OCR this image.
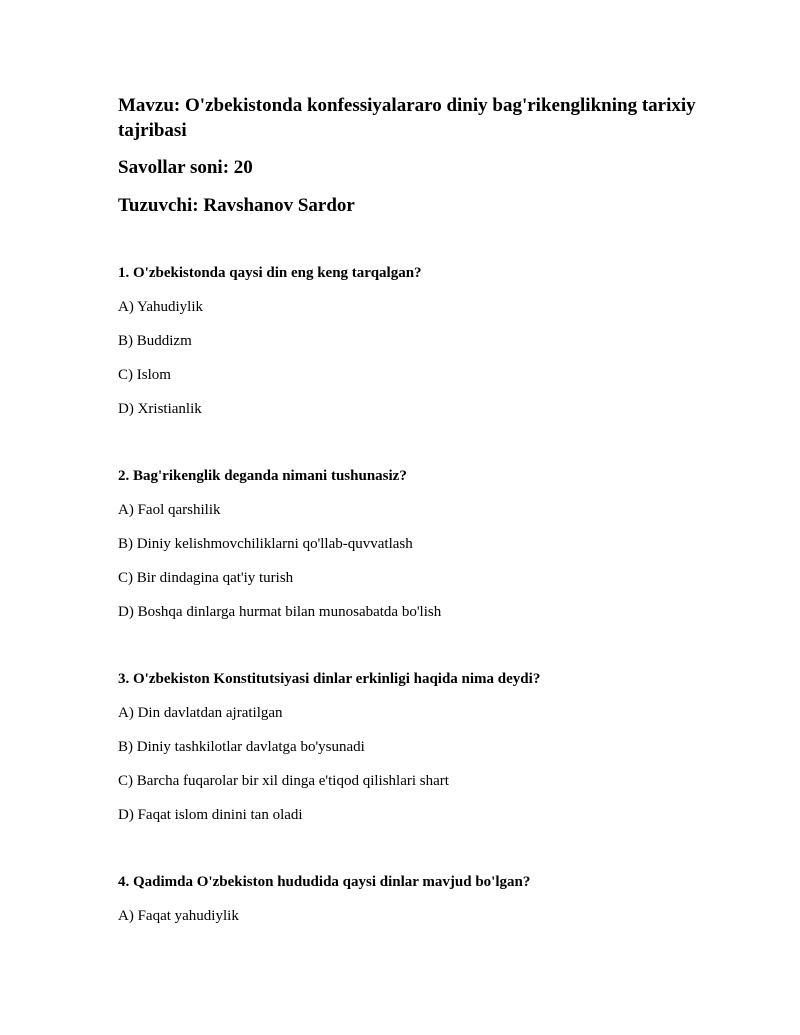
Mavzu: O'zbekistonda konfessiyalararo diniy bag'rikenglikning tarixiy tajribasi

Savollar soni: 20

Tuzuvchi: Ravshanov Sardor

1. O'zbekistonda qaysi din eng keng tarqalgan?

A) Yahudiylik

B) Buddizm

C) Islom

D) Xristianlik

2. Bag'rikenglik deganda nimani tushunasiz?

A) Faol qarshilik

B) Diniy kelishmovchiliklarni qo'llab-quvvatlash

C) Bir dindagina qat'iy turish

D) Boshqa dinlarga hurmat bilan munosabatda bo'lish

3. O'zbekiston Konstitutsiyasi dinlar erkinligi haqida nima deydi?

A) Din davlatdan ajratilgan

B) Diniy tashkilotlar davlatga bo'ysunadi

C) Barcha fuqarolar bir xil dinga e'tiqod qilishlari shart

D) Faqat islom dinini tan oladi

4. Qadimda O'zbekiston hududida qaysi dinlar mavjud bo'lgan?

A) Faqat yahudiylik
